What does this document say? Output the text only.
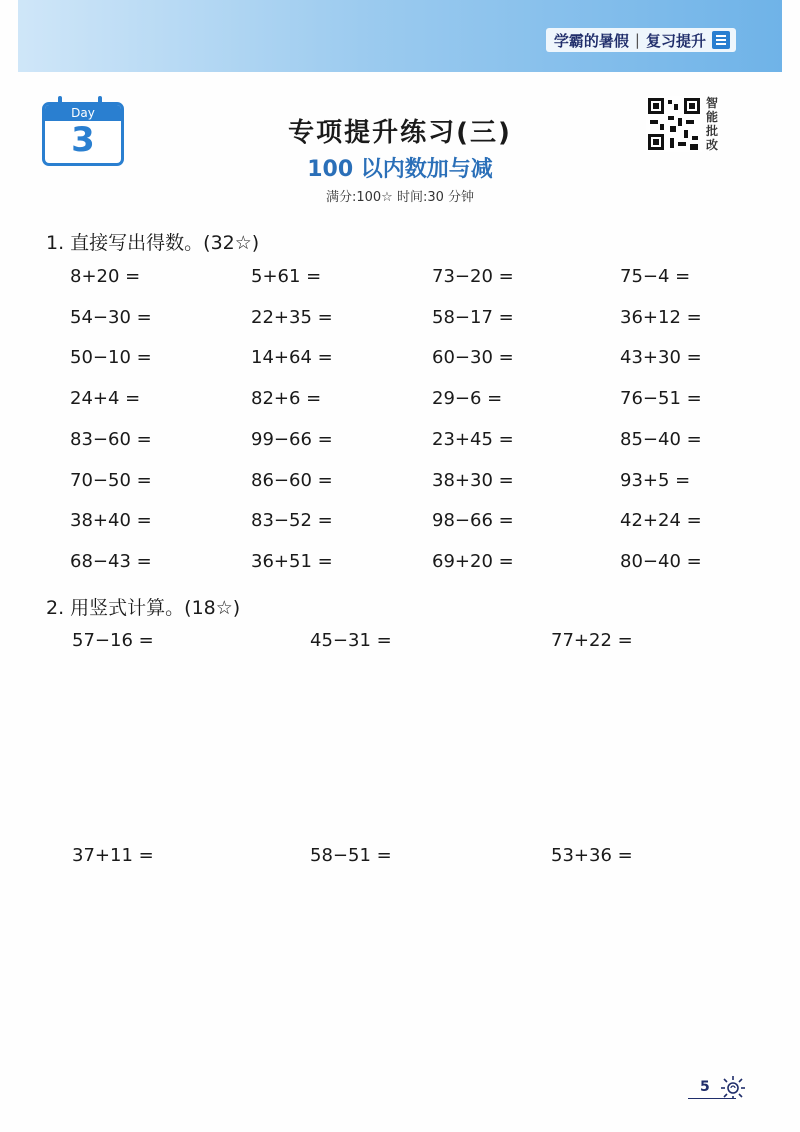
学霸的暑假 | 复习提升
Day
3	专项提升练习(三)
100 以内数加与减
满分:100☆ 时间:30 分钟
智能批改
1. 直接写出得数。(32☆)
8+20 =	5+61 =	73−20 =	75−4 =
54−30 =	22+35 =	58−17 =	36+12 =
50−10 =	14+64 =	60−30 =	43+30 =
24+4 =	82+6 =	29−6 =	76−51 =
83−60 =	99−66 =	23+45 =	85−40 =
70−50 =	86−60 =	38+30 =	93+5 =
38+40 =	83−52 =	98−66 =	42+24 =
68−43 =	36+51 =	69+20 =	80−40 =
2. 用竖式计算。(18☆)
57−16 =	45−31 =	77+22 =
37+11 =	58−51 =	53+36 =
5
